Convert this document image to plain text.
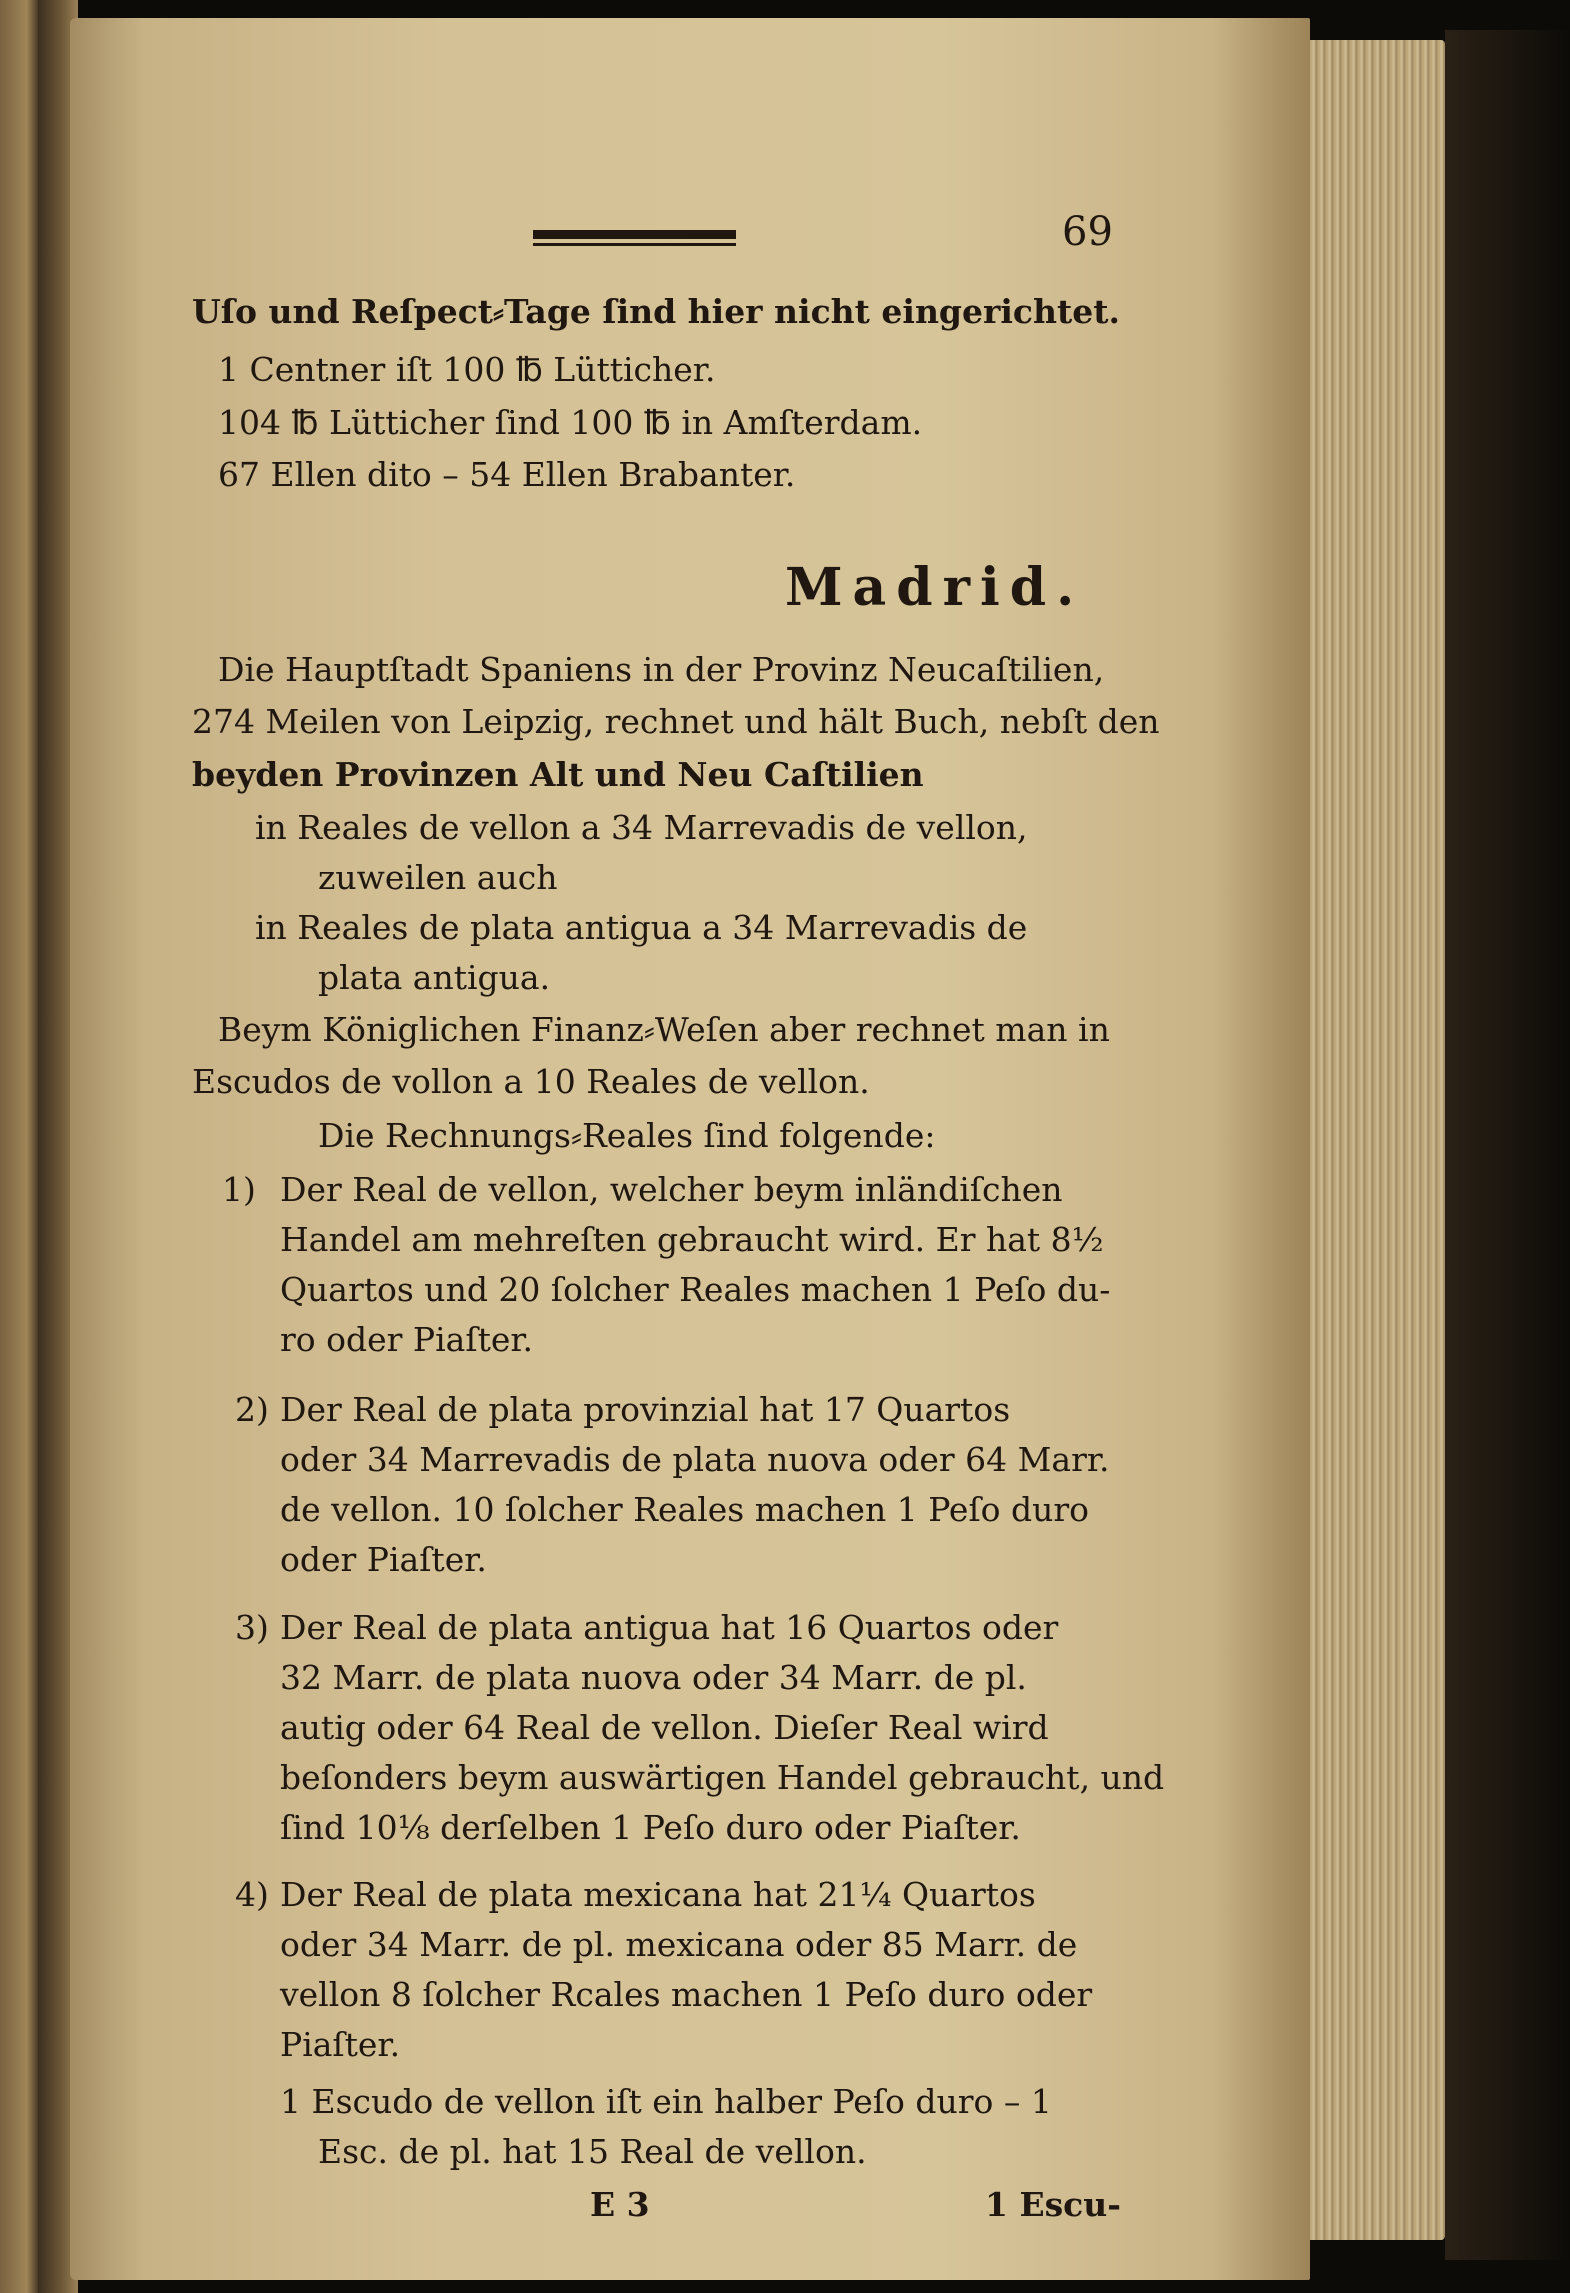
69
Uſo und Reſpect⸗Tage ſind hier nicht eingerichtet.
1 Centner iſt 100 ℔ Lütticher.
104 ℔ Lütticher ſind 100 ℔ in Amſterdam.
67 Ellen dito – 54 Ellen Brabanter.
Madrid.
Die Hauptſtadt Spaniens in der Provinz Neucaſtilien,
274 Meilen von Leipzig, rechnet und hält Buch, nebſt den
beyden Provinzen Alt und Neu Caſtilien
in Reales de vellon a 34 Marrevadis de vellon,
zuweilen auch
in Reales de plata antigua a 34 Marrevadis de
plata antigua.
Beym Königlichen Finanz⸗Weſen aber rechnet man in
Escudos de vollon a 10 Reales de vellon.
Die Rechnungs⸗Reales ſind folgende:
1) Der Real de vellon, welcher beym inländiſchen
Handel am mehreſten gebraucht wird. Er hat 8½
Quartos und 20 ſolcher Reales machen 1 Peſo du-
ro oder Piaſter.
2) Der Real de plata provinzial hat 17 Quartos
oder 34 Marrevadis de plata nuova oder 64 Marr.
de vellon. 10 ſolcher Reales machen 1 Peſo duro
oder Piaſter.
3) Der Real de plata antigua hat 16 Quartos oder
32 Marr. de plata nuova oder 34 Marr. de pl.
autig oder 64 Real de vellon. Dieſer Real wird
beſonders beym auswärtigen Handel gebraucht, und
ſind 10⅛ derſelben 1 Peſo duro oder Piaſter.
4) Der Real de plata mexicana hat 21¼ Quartos
oder 34 Marr. de pl. mexicana oder 85 Marr. de
vellon 8 ſolcher Rcales machen 1 Peſo duro oder
Piaſter.
1 Escudo de vellon iſt ein halber Peſo duro – 1
Esc. de pl. hat 15 Real de vellon.
E 3	1 Escu-
